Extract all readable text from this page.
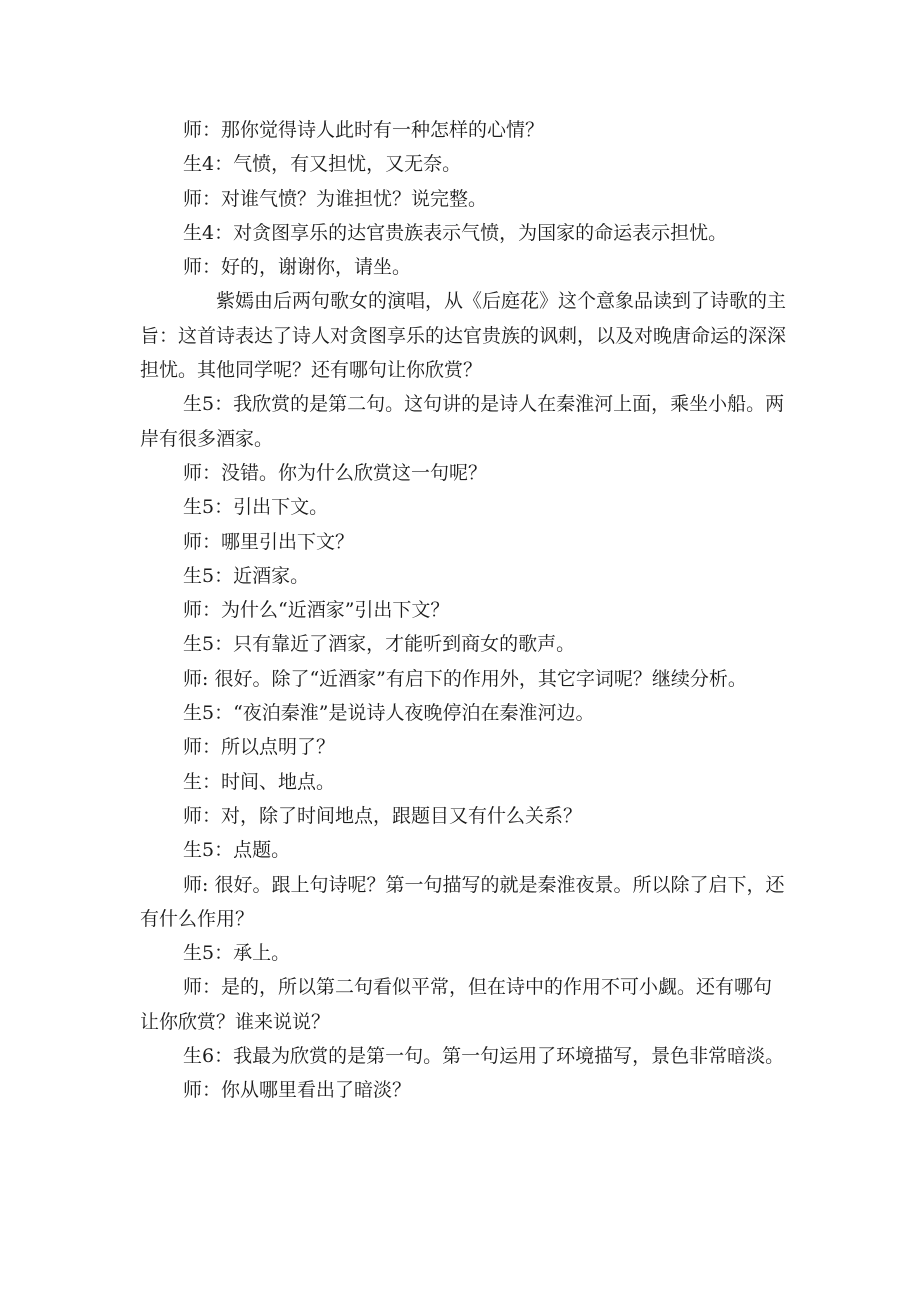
师：那你觉得诗人此时有一种怎样的心情？

生4：气愤，有又担忧，又无奈。

师：对谁气愤？为谁担忧？说完整。

生4：对贪图享乐的达官贵族表示气愤，为国家的命运表示担忧。

师：好的，谢谢你，请坐。

紫嫣由后两句歌女的演唱，从《后庭花》这个意象品读到了诗歌的主旨：这首诗表达了诗人对贪图享乐的达官贵族的讽刺，以及对晚唐命运的深深担忧。其他同学呢？还有哪句让你欣赏？

生5：我欣赏的是第二句。这句讲的是诗人在秦淮河上面，乘坐小船。两岸有很多酒家。

师：没错。你为什么欣赏这一句呢？

生5：引出下文。

师：哪里引出下文？

生5：近酒家。

师：为什么“近酒家”引出下文？

生5：只有靠近了酒家，才能听到商女的歌声。

师: 很好。除了“近酒家”有启下的作用外，其它字词呢？继续分析。

生5：“夜泊秦淮”是说诗人夜晚停泊在秦淮河边。

师：所以点明了？

生：时间、地点。

师：对，除了时间地点，跟题目又有什么关系？

生5：点题。

师: 很好。跟上句诗呢？第一句描写的就是秦淮夜景。所以除了启下，还有什么作用？

生5：承上。

师：是的，所以第二句看似平常，但在诗中的作用不可小觑。还有哪句让你欣赏？谁来说说？

生6：我最为欣赏的是第一句。第一句运用了环境描写，景色非常暗淡。

师：你从哪里看出了暗淡？
